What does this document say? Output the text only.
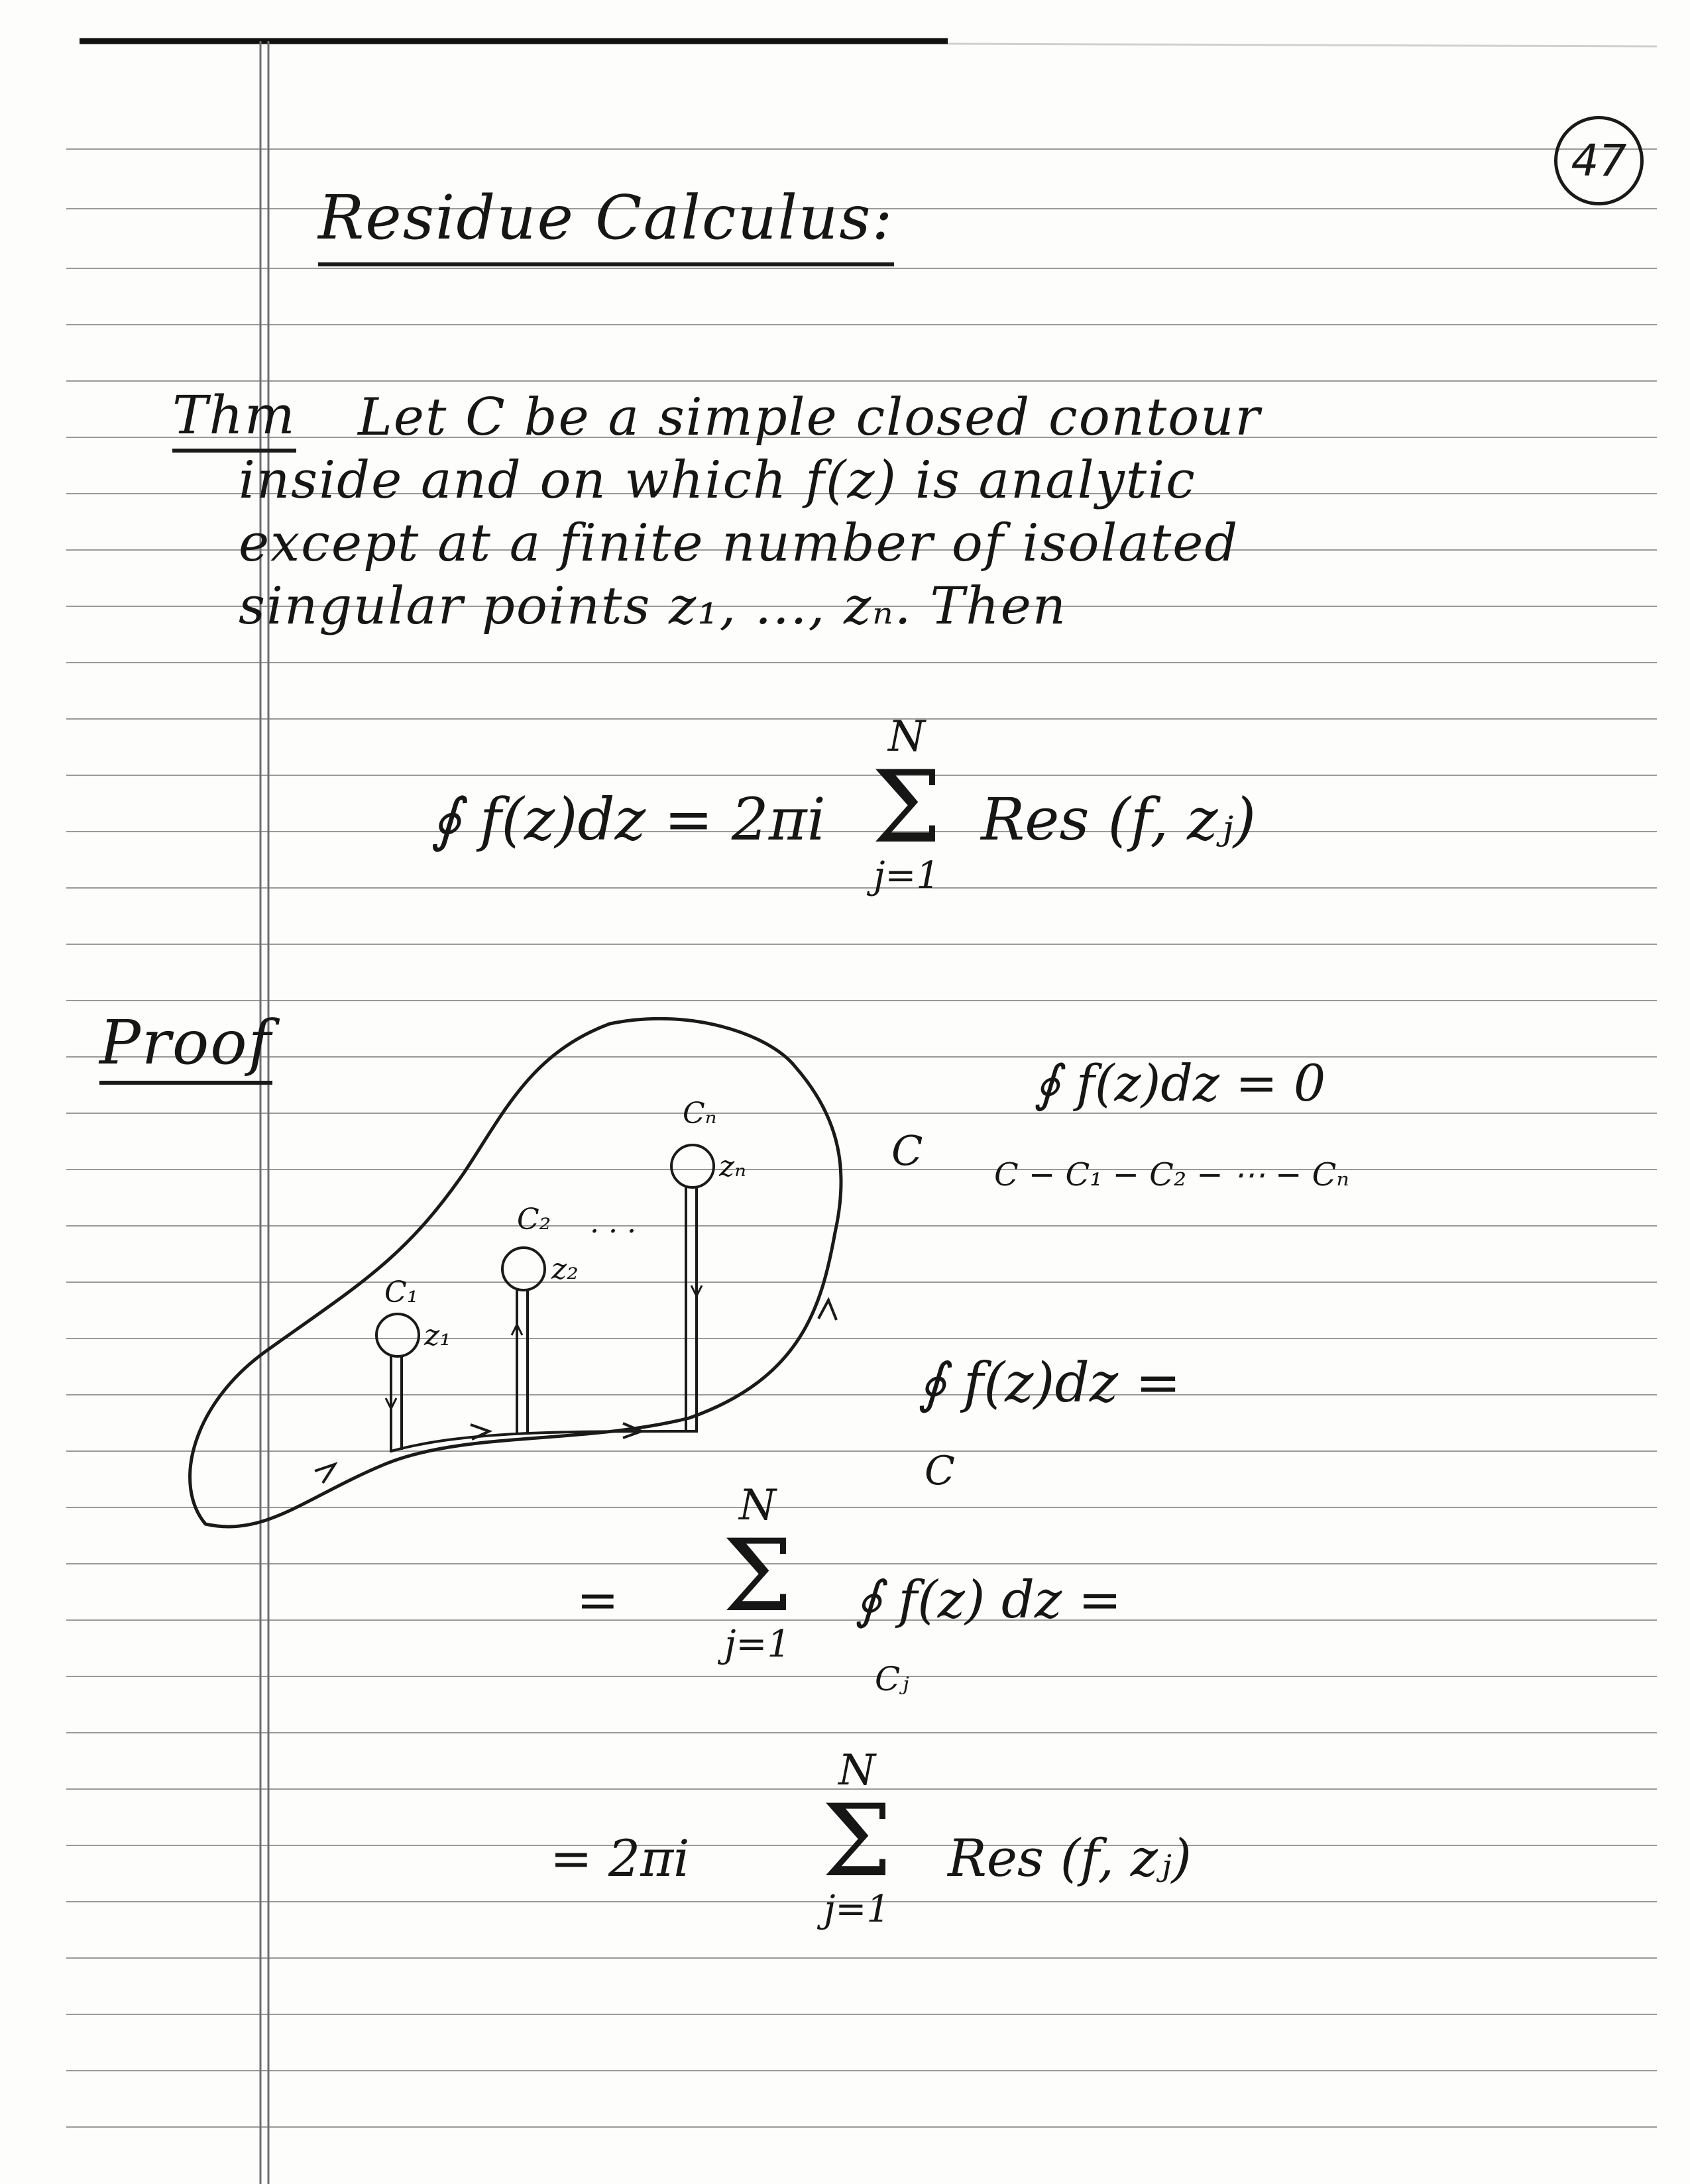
47
Residue Calculus:
Thm Let C be a simple closed contour
inside and on which f(z) is analytic
except at a finite number of isolated
singular points z₁, ..., zₙ. Then
∮ f(z)dz = 2πi
N
Σ
j=1
Res (f, zⱼ)
Proof
C₁
z₁
C₂
z₂
. . .
Cₙ
zₙ	C
∮ f(z)dz = 0
C − C₁ − C₂ − ⋯ − Cₙ
∮ f(z)dz =
C
=
N
Σ
j=1
∮ f(z) dz =
Cⱼ
= 2πi
N
Σ
j=1
Res (f, zⱼ)
